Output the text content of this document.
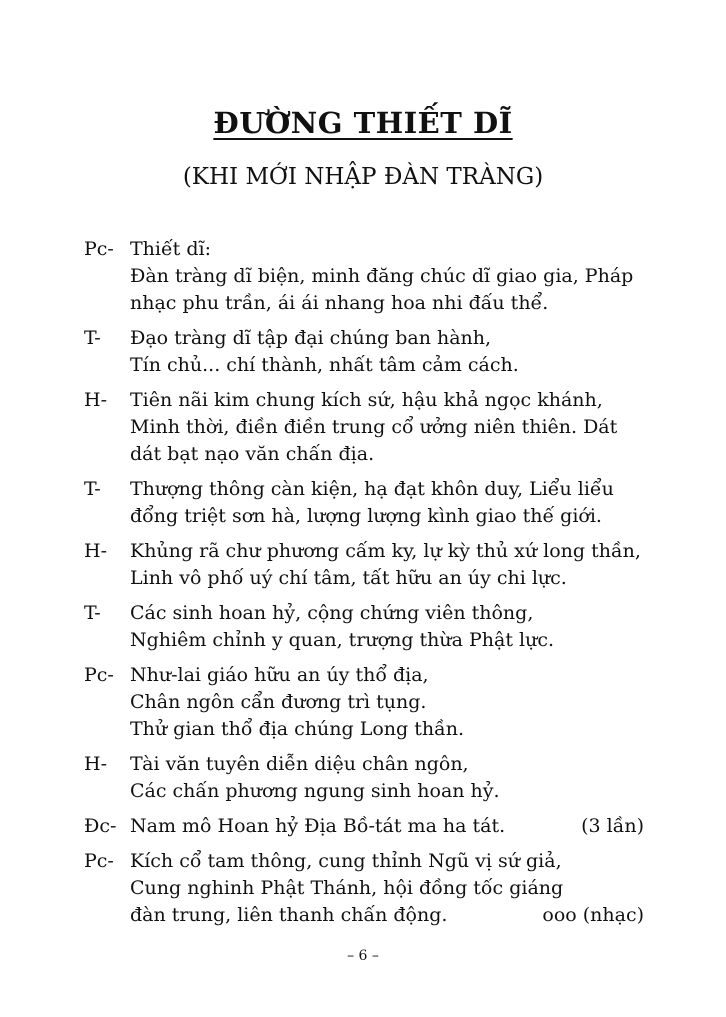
ĐƯỜNG THIẾT DĨ
(KHI MỚI NHẬP ĐÀN TRÀNG)
Pc- Thiết dĩ:
Đàn tràng dĩ biện, minh đăng chúc dĩ giao gia, Pháp
nhạc phu trần, ái ái nhang hoa nhi đấu thể.
T-	Đạo tràng dĩ tập đại chúng ban hành,
Tín chủ... chí thành, nhất tâm cảm cách.
H-	Tiên nãi kim chung kích sứ, hậu khả ngọc khánh,
Minh thời, điền điền trung cổ ưởng niên thiên. Dát
dát bạt nạo văn chấn địa.
T-	Thượng thông càn kiện, hạ đạt khôn duy, Liểu liểu
đổng triệt sơn hà, lượng lượng kình giao thế giới.
H-	Khủng rã chư phương cấm ky, lự kỳ thủ xứ long thần,
Linh vô phố uý chí tâm, tất hữu an úy chi lực.
T-	Các sinh hoan hỷ, cộng chứng viên thông,
Nghiêm chỉnh y quan, trượng thừa Phật lực.
Pc- Như-lai giáo hữu an úy thổ địa,
Chân ngôn cẩn đương trì tụng.
Thử gian thổ địa chúng Long thần.
H-	Tài văn tuyên diễn diệu chân ngôn,
Các chấn phương ngung sinh hoan hỷ.
Đc- Nam mô Hoan hỷ Địa Bồ-tát ma ha tát.	(3 lần)
Pc- Kích cổ tam thông, cung thỉnh Ngũ vị sứ giả,
Cung nghinh Phật Thánh, hội đồng tốc giáng
đàn trung, liên thanh chấn động.	ooo (nhạc)
– 6 –
